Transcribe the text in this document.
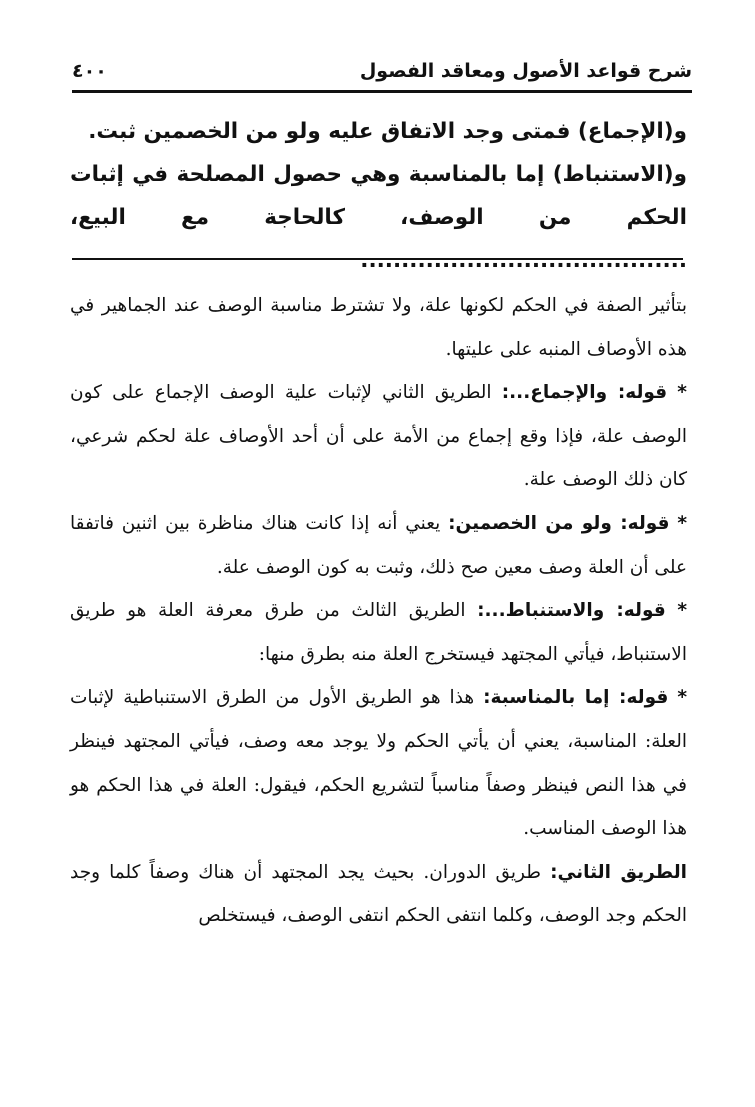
شرح قواعد الأصول ومعاقد الفصول
٤٠٠

و(الإجماع) فمتى وجد الاتفاق عليه ولو من الخصمين ثبت.

و(الاستنباط) إما بالمناسبة وهي حصول المصلحة في إثبات الحكم من الوصف، كالحاجة مع البيع، ........................................

بتأثير الصفة في الحكم لكونها علة، ولا تشترط مناسبة الوصف عند الجماهير في هذه الأوصاف المنبه على عليتها.

* قوله: والإجماع...: الطريق الثاني لإثبات علية الوصف الإجماع على كون الوصف علة، فإذا وقع إجماع من الأمة على أن أحد الأوصاف علة لحكم شرعي، كان ذلك الوصف علة.

* قوله: ولو من الخصمين: يعني أنه إذا كانت هناك مناظرة بين اثنين فاتفقا على أن العلة وصف معين صح ذلك، وثبت به كون الوصف علة.

* قوله: والاستنباط...: الطريق الثالث من طرق معرفة العلة هو طريق الاستنباط، فيأتي المجتهد فيستخرج العلة منه بطرق منها:

* قوله: إما بالمناسبة: هذا هو الطريق الأول من الطرق الاستنباطية لإثبات العلة: المناسبة، يعني أن يأتي الحكم ولا يوجد معه وصف، فيأتي المجتهد فينظر في هذا النص فينظر وصفاً مناسباً لتشريع الحكم، فيقول: العلة في هذا الحكم هو هذا الوصف المناسب.

الطريق الثاني: طريق الدوران. بحيث يجد المجتهد أن هناك وصفاً كلما وجد الحكم وجد الوصف، وكلما انتفى الحكم انتفى الوصف، فيستخلص
